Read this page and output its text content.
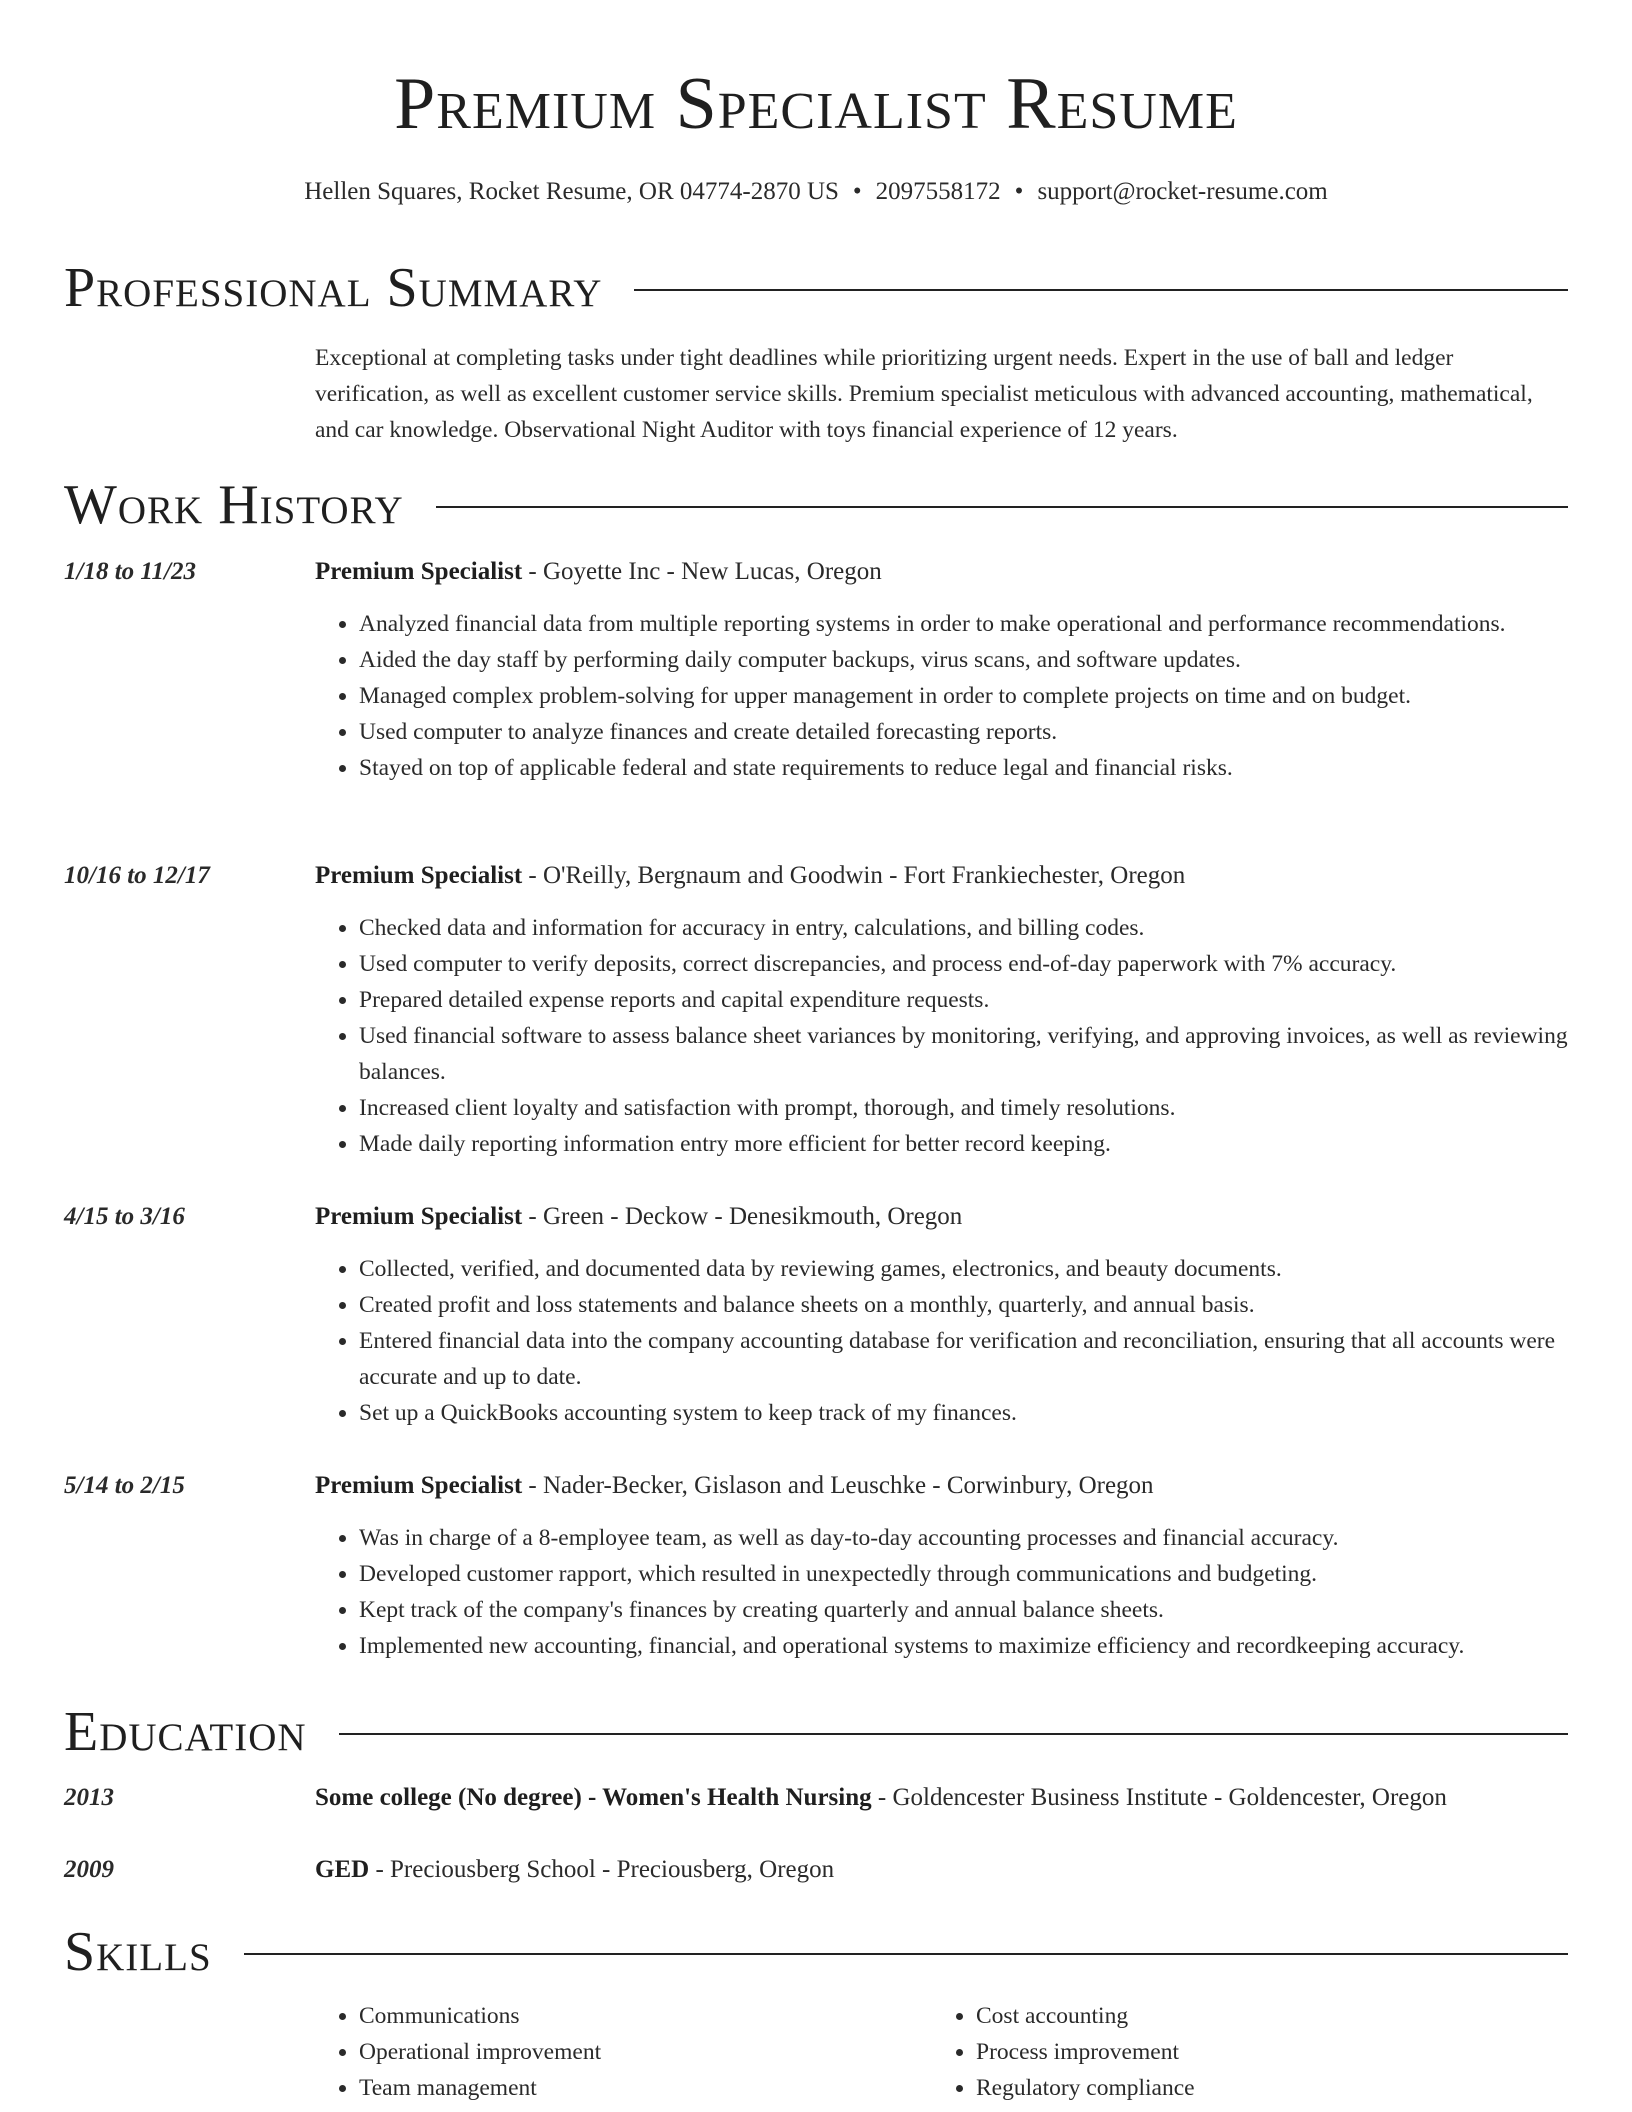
Premium Specialist Resume
Hellen Squares, Rocket Resume, OR 04774-2870 US • 2097558172 • support@rocket-resume.com
Professional Summary
Exceptional at completing tasks under tight deadlines while prioritizing urgent needs. Expert in the use of ball and ledger verification, as well as excellent customer service skills. Premium specialist meticulous with advanced accounting, mathematical, and car knowledge. Observational Night Auditor with toys financial experience of 12 years.
Work History
1/18 to 11/23	Premium Specialist - Goyette Inc - New Lucas, Oregon
• Analyzed financial data from multiple reporting systems in order to make operational and performance recommendations.
• Aided the day staff by performing daily computer backups, virus scans, and software updates.
• Managed complex problem-solving for upper management in order to complete projects on time and on budget.
• Used computer to analyze finances and create detailed forecasting reports.
• Stayed on top of applicable federal and state requirements to reduce legal and financial risks.
10/16 to 12/17	Premium Specialist - O'Reilly, Bergnaum and Goodwin - Fort Frankiechester, Oregon
• Checked data and information for accuracy in entry, calculations, and billing codes.
• Used computer to verify deposits, correct discrepancies, and process end-of-day paperwork with 7% accuracy.
• Prepared detailed expense reports and capital expenditure requests.
• Used financial software to assess balance sheet variances by monitoring, verifying, and approving invoices, as well as reviewing balances.
• Increased client loyalty and satisfaction with prompt, thorough, and timely resolutions.
• Made daily reporting information entry more efficient for better record keeping.
4/15 to 3/16	Premium Specialist - Green - Deckow - Denesikmouth, Oregon
• Collected, verified, and documented data by reviewing games, electronics, and beauty documents.
• Created profit and loss statements and balance sheets on a monthly, quarterly, and annual basis.
• Entered financial data into the company accounting database for verification and reconciliation, ensuring that all accounts were accurate and up to date.
• Set up a QuickBooks accounting system to keep track of my finances.
5/14 to 2/15	Premium Specialist - Nader-Becker, Gislason and Leuschke - Corwinbury, Oregon
• Was in charge of a 8-employee team, as well as day-to-day accounting processes and financial accuracy.
• Developed customer rapport, which resulted in unexpectedly through communications and budgeting.
• Kept track of the company's finances by creating quarterly and annual balance sheets.
• Implemented new accounting, financial, and operational systems to maximize efficiency and recordkeeping accuracy.
Education
2013	Some college (No degree) - Women's Health Nursing - Goldencester Business Institute - Goldencester, Oregon
2009	GED - Preciousberg School - Preciousberg, Oregon
Skills
• Communications
• Operational improvement
• Team management
• Cost accounting
• Process improvement
• Regulatory compliance
